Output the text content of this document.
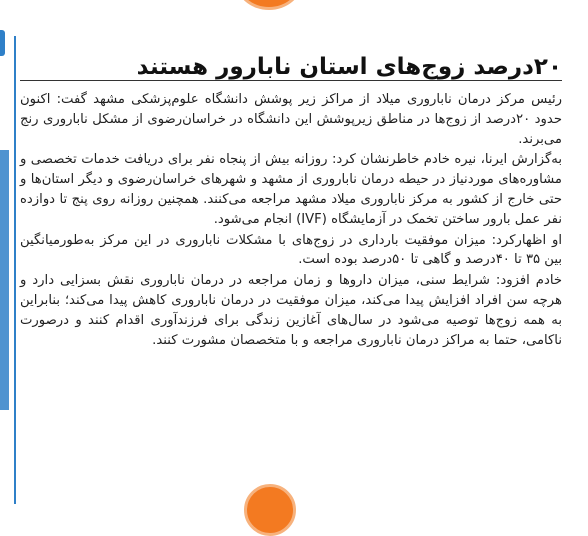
۲۰درصد زوج‌های استان نابارور هستند

رئیس مرکز درمان ناباروری میلاد از مراکز زیر پوشش دانشگاه علوم‌پزشکی مشهد گفت: اکنون حدود ۲۰درصد از زوج‌ها در مناطق زیرپوشش این دانشگاه در خراسان‌رضوی از مشکل ناباروری رنج می‌برند.

به‌گزارش ایرنا، نیره خادم خاطرنشان کرد: روزانه بیش از پنجاه نفر برای دریافت خدمات تخصصی و مشاوره‌های موردنیاز در حیطه درمان ناباروری از مشهد و شهرهای خراسان‌رضوی و دیگر استان‌ها و حتی خارج از کشور به مرکز ناباروری میلاد مشهد مراجعه می‌کنند. همچنین روزانه روی پنج تا دوازده نفر عمل بارور ساختن تخمک در آزمایشگاه (IVF) انجام می‌شود.

او اظهارکرد: میزان موفقیت بارداری در زوج‌های با مشکلات ناباروری در این مرکز به‌طورمیانگین بین ۳۵ تا ۴۰درصد و گاهی تا ۵۰درصد بوده است.

خادم افزود: شرایط سنی، میزان داروها و زمان مراجعه در درمان ناباروری نقش بسزایی دارد و هرچه سن افراد افزایش پیدا می‌کند، میزان موفقیت در درمان ناباروری کاهش پیدا می‌کند؛ بنابراین به همه زوج‌ها توصیه می‌شود در سال‌های آغازین زندگی برای فرزندآوری اقدام کنند و درصورت ناکامی، حتما به مراکز درمان ناباروری مراجعه و با متخصصان مشورت کنند.
